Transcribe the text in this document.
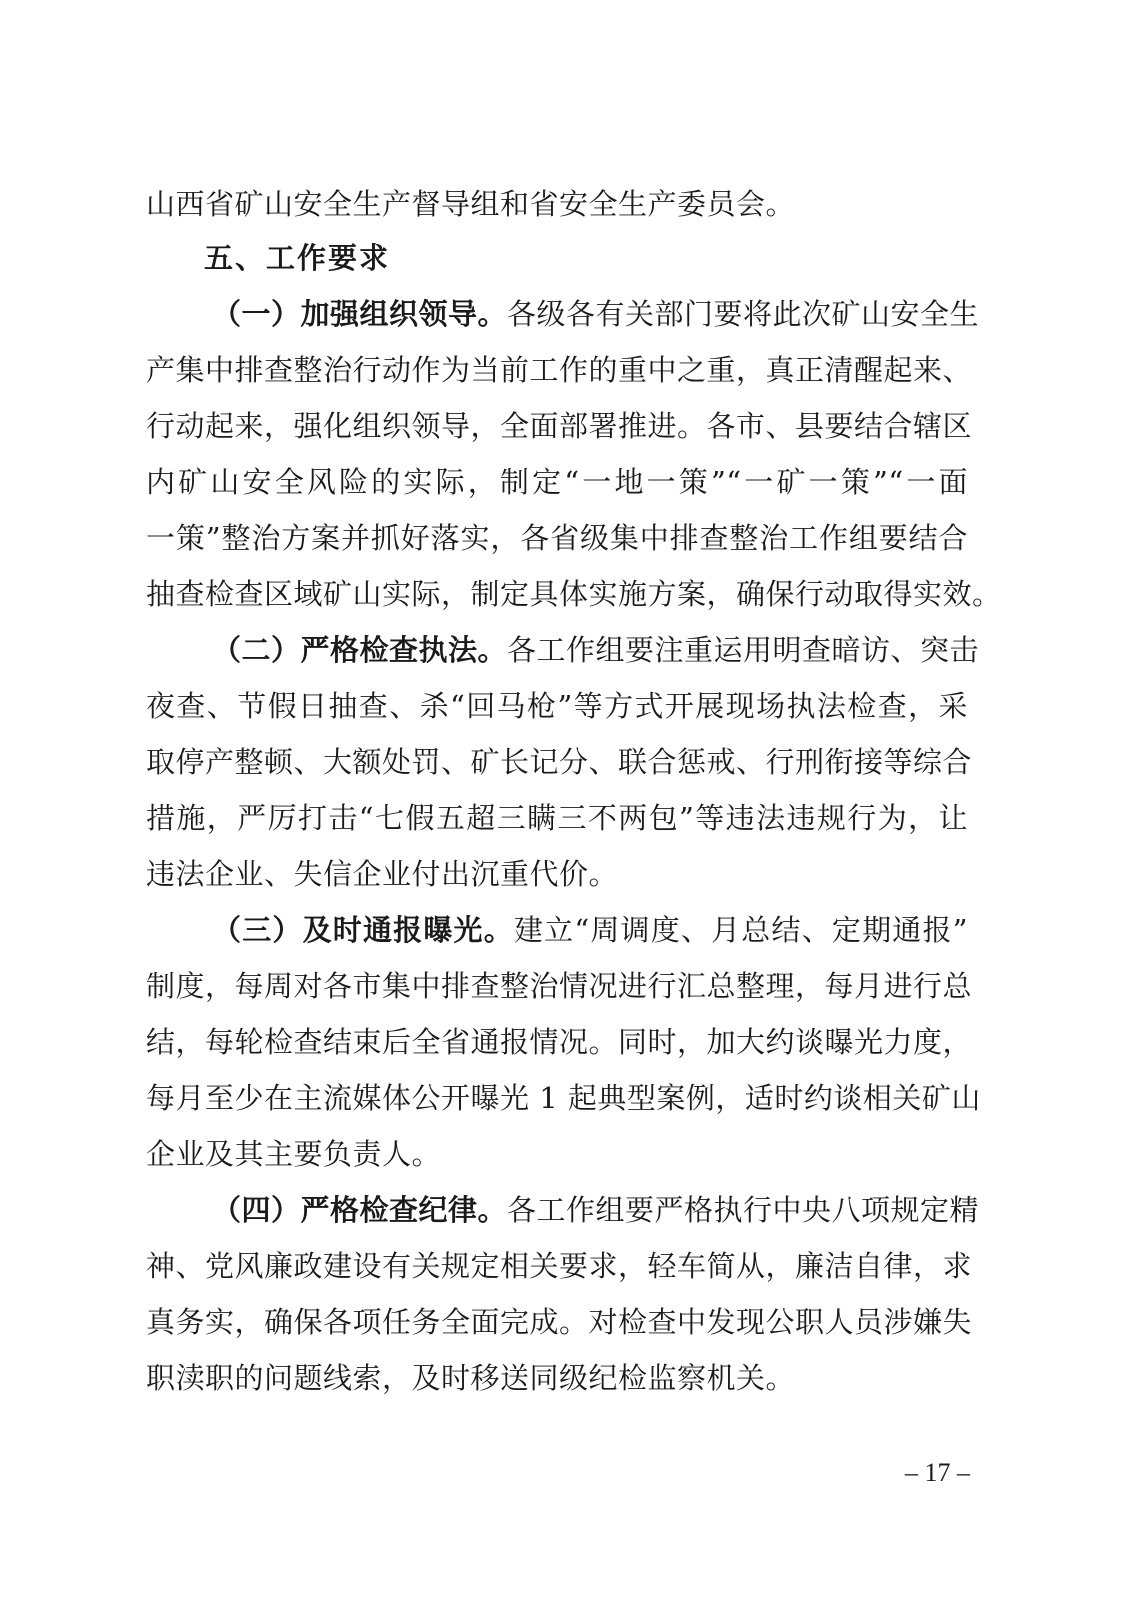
山西省矿山安全生产督导组和省安全生产委员会。
五、工作要求
（一）加强组织领导。各级各有关部门要将此次矿山安全生
产集中排查整治行动作为当前工作的重中之重，真正清醒起来、
行动起来，强化组织领导，全面部署推进。各市、县要结合辖区
内矿山安全风险的实际，制定“一地一策”“一矿一策”“一面
一策”整治方案并抓好落实，各省级集中排查整治工作组要结合
抽查检查区域矿山实际，制定具体实施方案，确保行动取得实效。
（二）严格检查执法。各工作组要注重运用明查暗访、突击
夜查、节假日抽查、杀“回马枪”等方式开展现场执法检查，采
取停产整顿、大额处罚、矿长记分、联合惩戒、行刑衔接等综合
措施，严厉打击“七假五超三瞒三不两包”等违法违规行为，让
违法企业、失信企业付出沉重代价。
（三）及时通报曝光。建立“周调度、月总结、定期通报”
制度，每周对各市集中排查整治情况进行汇总整理，每月进行总
结，每轮检查结束后全省通报情况。同时，加大约谈曝光力度，
每月至少在主流媒体公开曝光 1 起典型案例，适时约谈相关矿山
企业及其主要负责人。
（四）严格检查纪律。各工作组要严格执行中央八项规定精
神、党风廉政建设有关规定相关要求，轻车简从，廉洁自律，求
真务实，确保各项任务全面完成。对检查中发现公职人员涉嫌失
职渎职的问题线索，及时移送同级纪检监察机关。
– 17 –
